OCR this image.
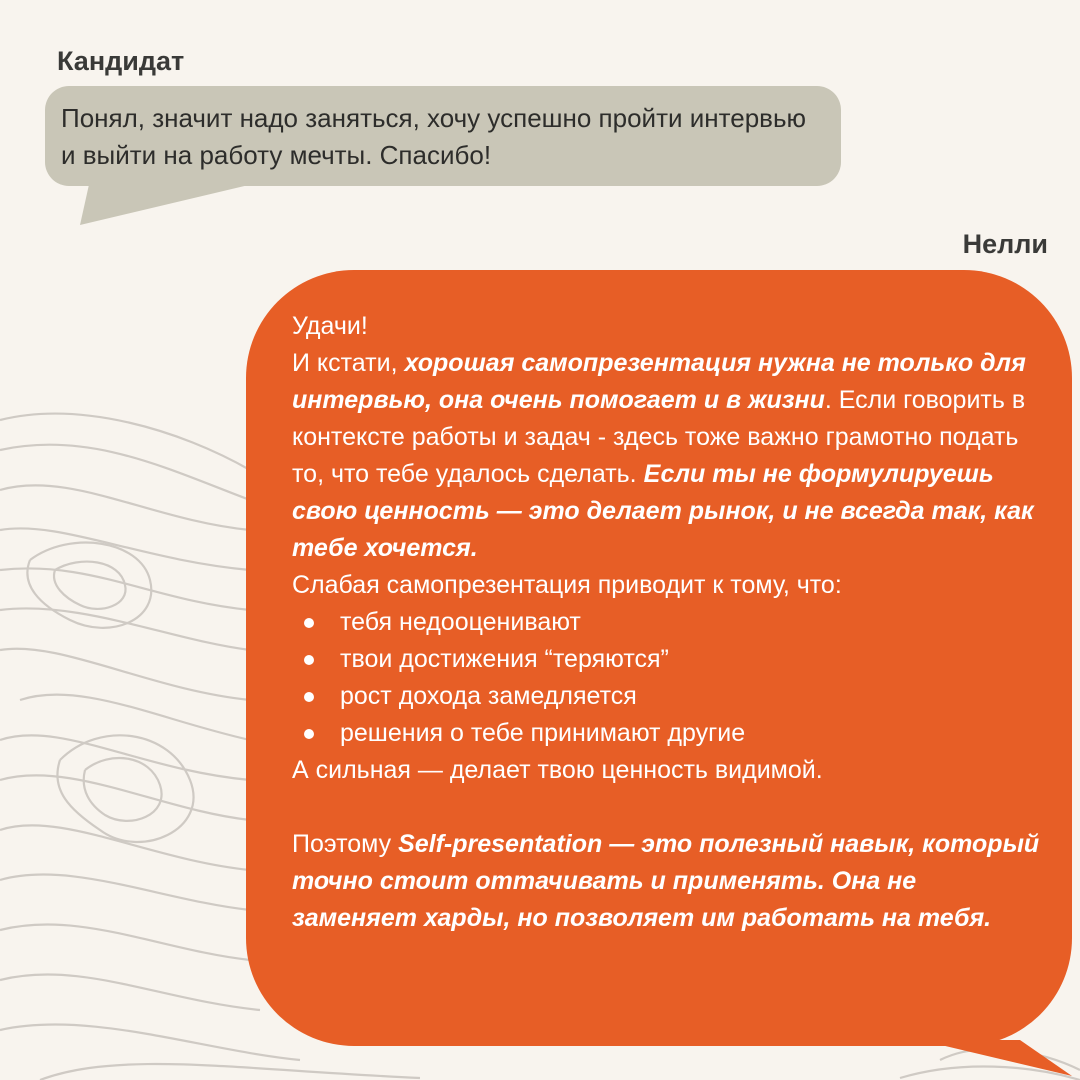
Кандидат

Понял, значит надо заняться, хочу успешно пройти интервью и выйти на работу мечты. Спасибо!

Нелли

Удачи!

И кстати, хорошая самопрезентация нужна не только для интервью, она очень помогает и в жизни. Если говорить в контексте работы и задач - здесь тоже важно грамотно подать то, что тебе удалось сделать. Если ты не формулируешь свою ценность — это делает рынок, и не всегда так, как тебе хочется.

Слабая самопрезентация приводит к тому, что:

тебя недооценивают
твои достижения “теряются”
рост дохода замедляется
решения о тебе принимают другие

А сильная — делает твою ценность видимой.

Поэтому Self-presentation — это полезный навык, который точно стоит оттачивать и применять. Она не заменяет харды, но позволяет им работать на тебя.
